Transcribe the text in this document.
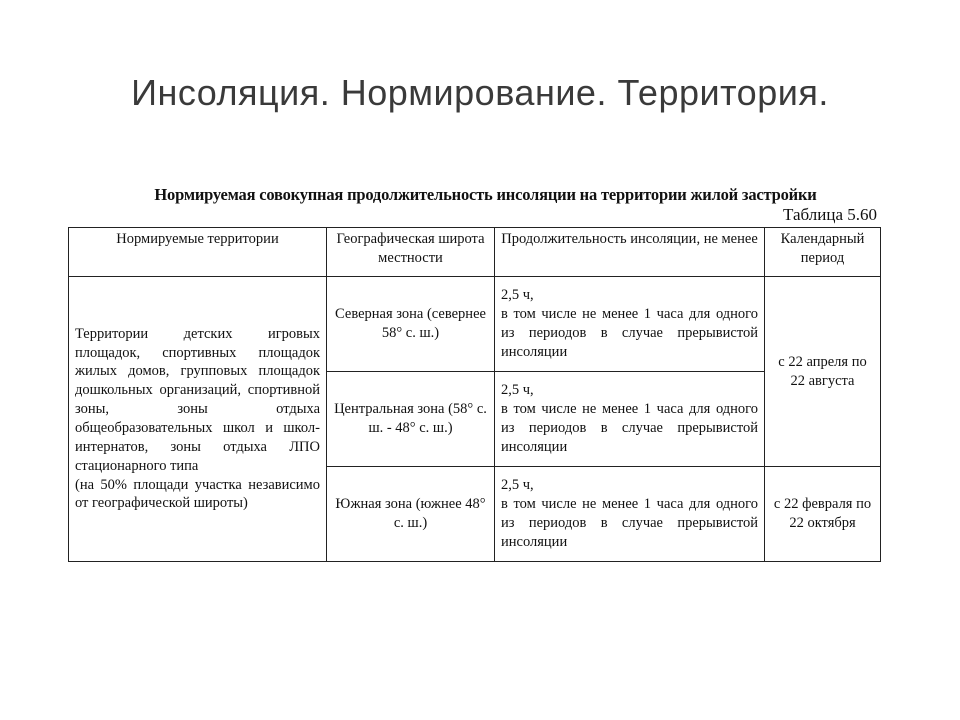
Инсоляция. Нормирование. Территория.
Нормируемая совокупная продолжительность инсоляции на территории жилой застройки
Таблица 5.60
Нормируемые территории	Географическая широта местности	Продолжительность инсоляции, не менее	Календарный период

Территории детских игровых площадок, спортивных площадок жилых домов, групповых площадок дошкольных организаций, спортивной зоны, зоны отдыха общеобразовательных школ и школ-интернатов, зоны отдыха ЛПО стационарного типа
(на 50% площади участка независимо от географической широты)	Северная зона (севернее 58° с. ш.)	2,5 ч,
в том числе не менее 1 часа для одного из периодов в случае прерывистой инсоляции	с 22 апреля по 22 августа
	Центральная зона (58° с. ш. - 48° с. ш.)	2,5 ч,
в том числе не менее 1 часа для одного из периодов в случае прерывистой инсоляции	

	Южная зона (южнее 48° с. ш.)	2,5 ч,
в том числе не менее 1 часа для одного из периодов в случае прерывистой инсоляции	с 22 февраля по 22 октября
